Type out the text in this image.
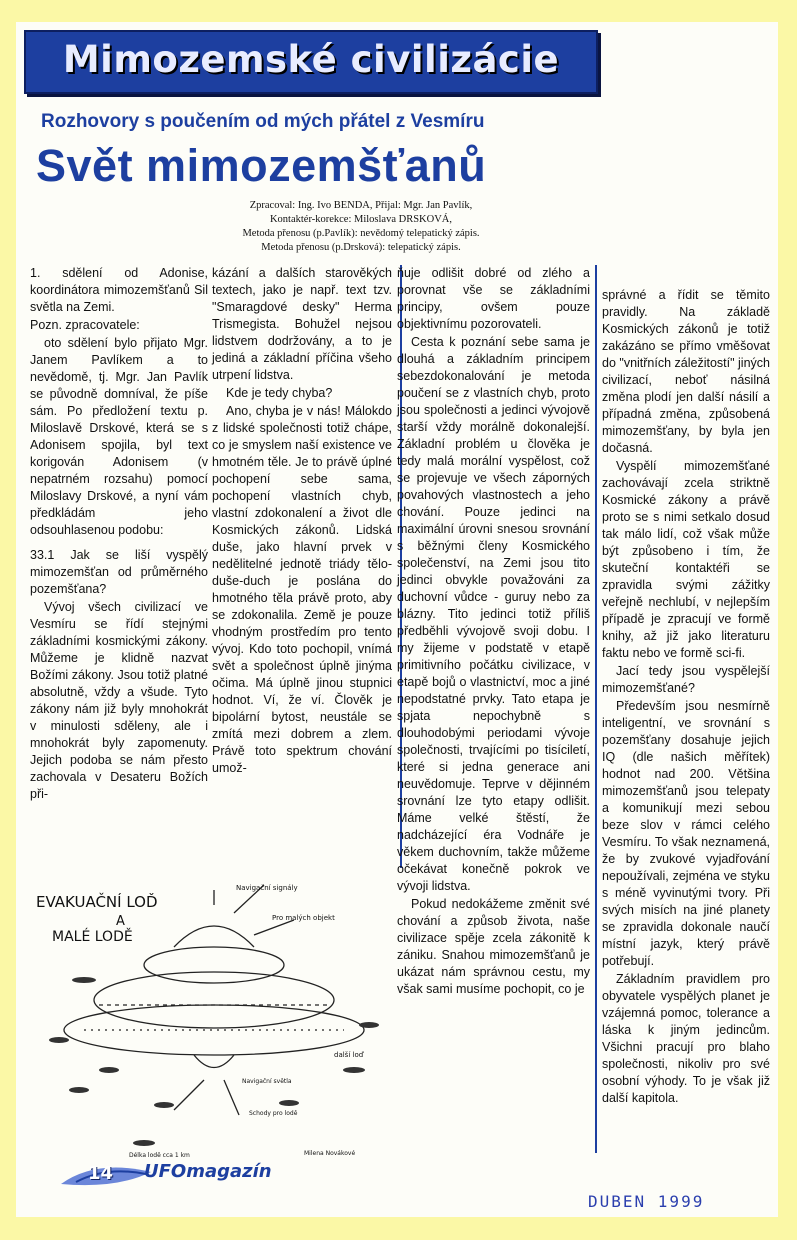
Mimozemské civilizácie
Rozhovory s poučením od mých přátel z Vesmíru
Svět mimozemšťanů
Zpracoval: Ing. Ivo BENDA, Přijal: Mgr. Jan Pavlík,
Kontaktér-korekce: Miloslava DRSKOVÁ,
Metoda přenosu (p.Pavlík): nevědomý telepatický zápis.
Metoda přenosu (p.Drsková): telepatický zápis.

1. sdělení od Adonise, koordinátora mimozemšťanů Sil světla na Zemi.

Pozn. zpracovatele:

oto sdělení bylo přijato Mgr. Janem Pavlíkem a to nevědomě, tj. Mgr. Jan Pavlík se původně domníval, že píše sám. Po předložení textu p. Miloslavě Drskové, která se s Adonisem spojila, byl text korigován Adonisem (v nepatrném rozsahu) pomocí Miloslavy Drskové, a nyní vám předkládám jeho odsouhlasenou podobu:

33.1 Jak se liší vyspělý mimozemšťan od průměrného pozemšťana?

Vývoj všech civilizací ve Vesmíru se řídí stejnými základními kosmickými zákony. Můžeme je klidně nazvat Božími zákony. Jsou totiž platné absolutně, vždy a všude. Tyto zákony nám již byly mnohokrát v minulosti sděleny, ale i mnohokrát byly zapomenuty. Jejich podoba se nám přesto zachovala v Desateru Božích při-

kázání a dalších starověkých textech, jako je např. text tzv. "Smaragdové desky" Herma Trismegista. Bohužel nejsou lidstvem dodržovány, a to je jediná a základní příčina všeho utrpení lidstva.

Kde je tedy chyba?

Ano, chyba je v nás! Málokdo z lidské společnosti totiž chápe, co je smyslem naší existence ve hmotném těle. Je to právě úplné pochopení sebe sama, pochopení vlastních chyb, vlastní zdokonalení a život dle Kosmických zákonů. Lidská duše, jako hlavní prvek v nedělitelné jednotě triády tělo-duše-duch je poslána do hmotného těla právě proto, aby se zdokonalila. Země je pouze vhodným prostředím pro tento vývoj. Kdo toto pochopil, vnímá svět a společnost úplně jinýma očima. Má úplně jinou stupnici hodnot. Ví, že ví. Člověk je bipolární bytost, neustále se zmítá mezi dobrem a zlem. Právě toto spektrum chování umož-

ňuje odlišit dobré od zlého a porovnat vše se základními principy, ovšem pouze objektivnímu pozorovateli.

Cesta k poznání sebe sama je dlouhá a základním principem sebezdokonalování je metoda poučení se z vlastních chyb, proto jsou společnosti a jedinci vývojově starší vždy morálně dokonalejší. Základní problém u člověka je tedy malá morální vyspělost, což se projevuje ve všech záporných povahových vlastnostech a jeho chování. Pouze jedinci na maximální úrovni snesou srovnání s běžnými členy Kosmického společenství, na Zemi jsou tito jedinci obvykle považováni za duchovní vůdce - guruy nebo za blázny. Tito jedinci totiž příliš předběhli vývojově svoji dobu. I my žijeme v podstatě v etapě primitivního počátku civilizace, v etapě bojů o vlastnictví, moc a jiné nepodstatné prvky. Tato etapa je spjata nepochybně s dlouhodobými periodami vývoje společnosti, trvajícími po tisíciletí, které si jedna generace ani neuvědomuje. Teprve v dějinném srovnání lze tyto etapy odlišit. Máme velké štěstí, že nadcházející éra Vodnáře je věkem duchovním, takže můžeme očekávat konečně pokrok ve vývoji lidstva.

Pokud nedokážeme změnit své chování a způsob života, naše civilizace spěje zcela zákonitě k zániku. Snahou mimozemšťanů je ukázat nám správnou cestu, my však sami musíme pochopit, co je

správné a řídit se těmito pravidly. Na základě Kosmických zákonů je totiž zakázáno se přímo vměšovat do "vnitřních záležitostí" jiných civilizací, neboť násilná změna plodí jen další násilí a případná změna, způsobená mimozemšťany, by byla jen dočasná.

Vyspělí mimozemšťané zachovávají zcela striktně Kosmické zákony a právě proto se s nimi setkalo dosud tak málo lidí, což však může být způsobeno i tím, že skuteční kontaktéři se zpravidla svými zážitky veřejně nechlubí, v nejlepším případě je zpracují ve formě knihy, až již jako literaturu faktu nebo ve formě sci-fi.

Jací tedy jsou vyspělejší mimozemšťané?

Především jsou nesmírně inteligentní, ve srovnání s pozemšťany dosahuje jejich IQ (dle našich měřítek) hodnot nad 200. Většina mimozemšťanů jsou telepaty a komunikují mezi sebou beze slov v rámci celého Vesmíru. To však neznamená, že by zvukové vyjadřování nepoužívali, zejména ve styku s méně vyvinutými tvory. Při svých misích na jiné planety se zpravidla dokonale naučí místní jazyk, který právě potřebují.

Základním pravidlem pro obyvatele vyspělých planet je vzájemná pomoc, tolerance a láska k jiným jedincům. Všichni pracují pro blaho společnosti, nikoliv pro své osobní výhody. To je však již další kapitola.

EVAKUAČNÍ LOĎ
A
MALÉ LODĚ
Navigační signály
Pro malých objekt
další loď
Délka lodě cca 1 km	Milena Novákové
Navigační světla
Schody pro lodě
14 UFOmagazín
DUBEN 1999
